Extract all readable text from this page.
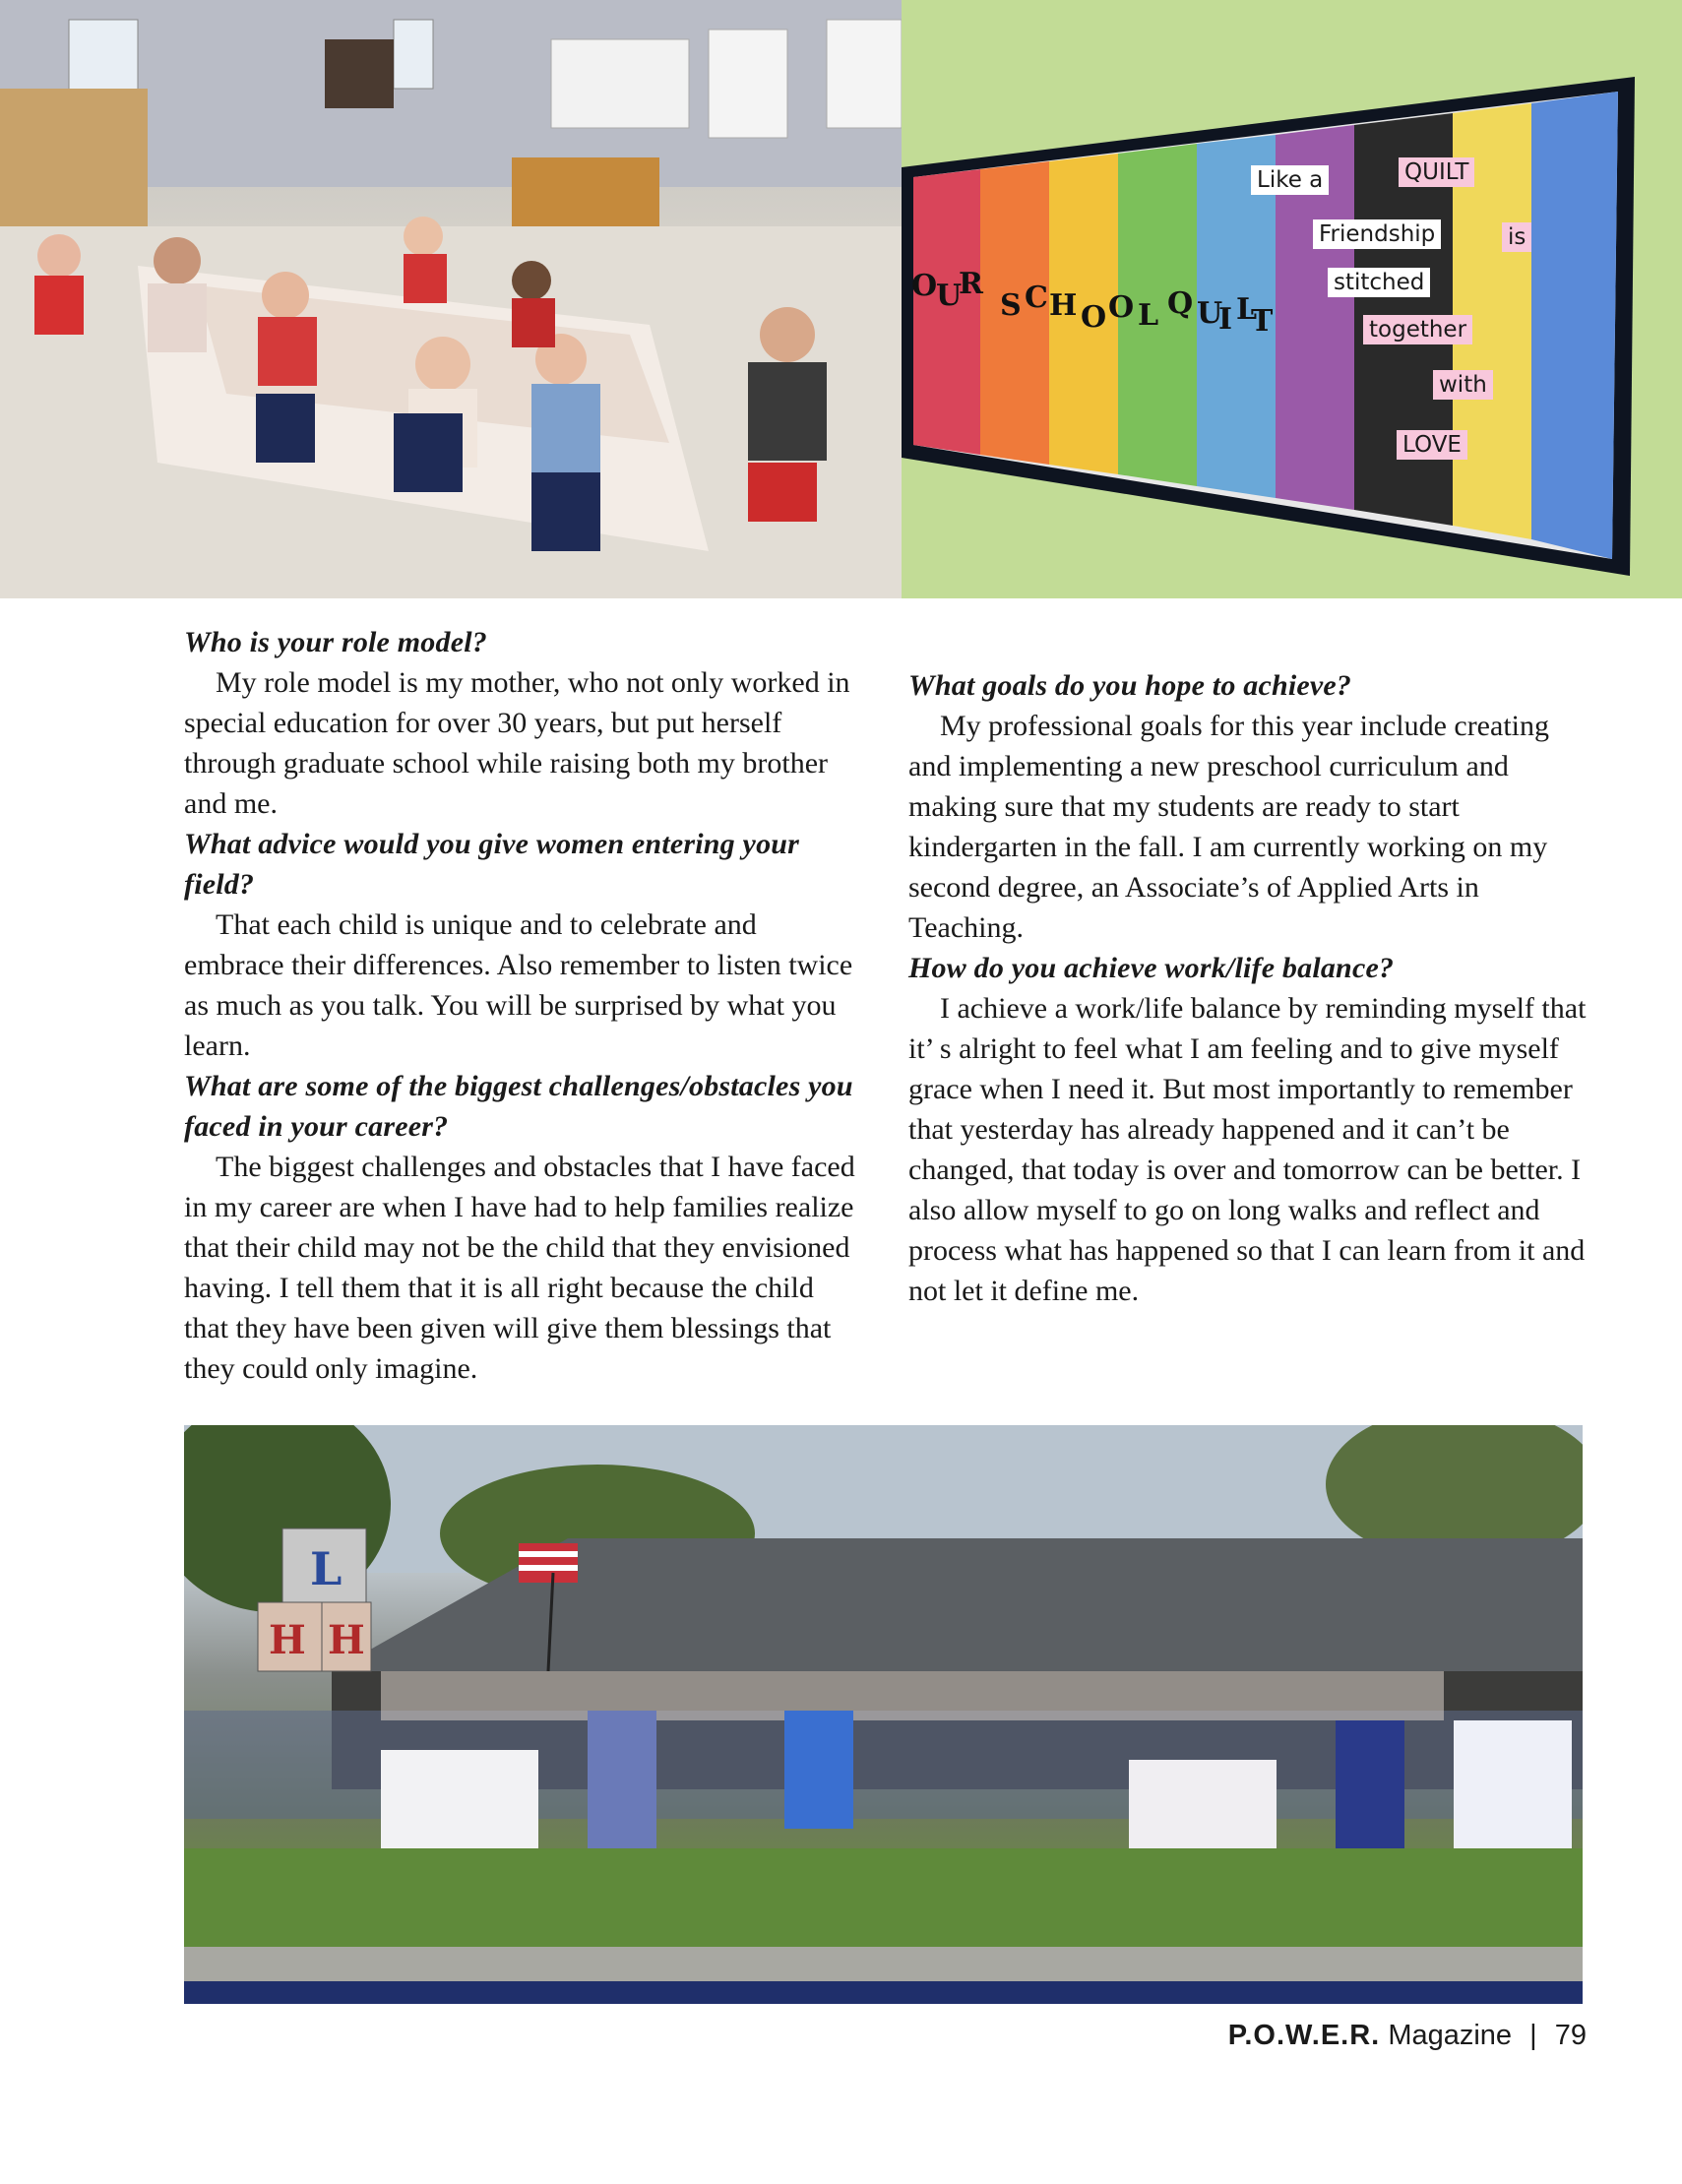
O
U
R
S C H O O L Q U
I L
T
Like a	QUILT
Friendship	is
stitched
together
with
LOVE

Who is your role model?

My role model is my mother, who not only worked in special education for over 30 years, but put herself through graduate school while raising both my brother and me.

What advice would you give women entering your field?

That each child is unique and to celebrate and embrace their differences. Also remember to listen twice as much as you talk. You will be surprised by what you learn.

What are some of the biggest challenges/obstacles you faced in your career?

The biggest challenges and obstacles that I have faced in my career are when I have had to help families realize that their child may not be the child that they envisioned having. I tell them that it is all right because the child that they have been given will give them blessings that they could only imagine.

What goals do you hope to achieve?

My professional goals for this year include creating and implementing a new preschool curriculum and making sure that my students are ready to start kindergarten in the fall. I am currently working on my second degree, an Associate’s of Applied Arts in Teaching.

How do you achieve work/life balance?

I achieve a work/life balance by reminding myself that it’ s alright to feel what I am feeling and to give myself grace when I need it. But most importantly to remember that yesterday has already happened and it can’t be changed, that today is over and tomorrow can be better. I also allow myself to go on long walks and reflect and process what has happened so that I can learn from it and not let it define me.

L
H H
P.O.W.E.R. Magazine | 79
